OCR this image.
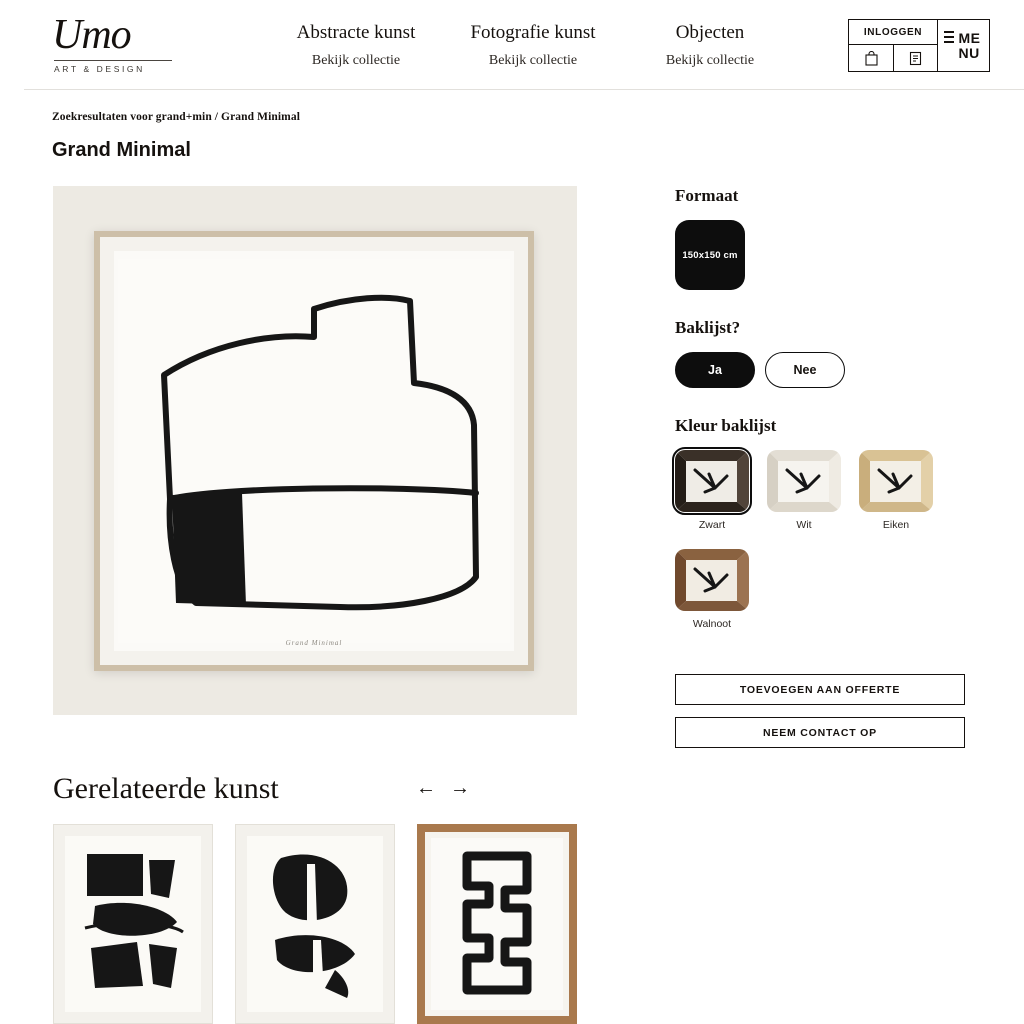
Umo
ART & DESIGN
Abstracte kunst
Bekijk collectie
Fotografie kunst
Bekijk collectie
Objecten
Bekijk collectie
INLOGGEN	ME
NU
Zoekresultaten voor grand+min / Grand Minimal
Grand Minimal
Grand Minimal
Formaat
150x150 cm
Baklijst?
Ja	Nee
Kleur baklijst
Zwart	Wit	Eiken
Walnoot
TOEVOEGEN AAN OFFERTE
NEEM CONTACT OP
Gerelateerde kunst	← →
